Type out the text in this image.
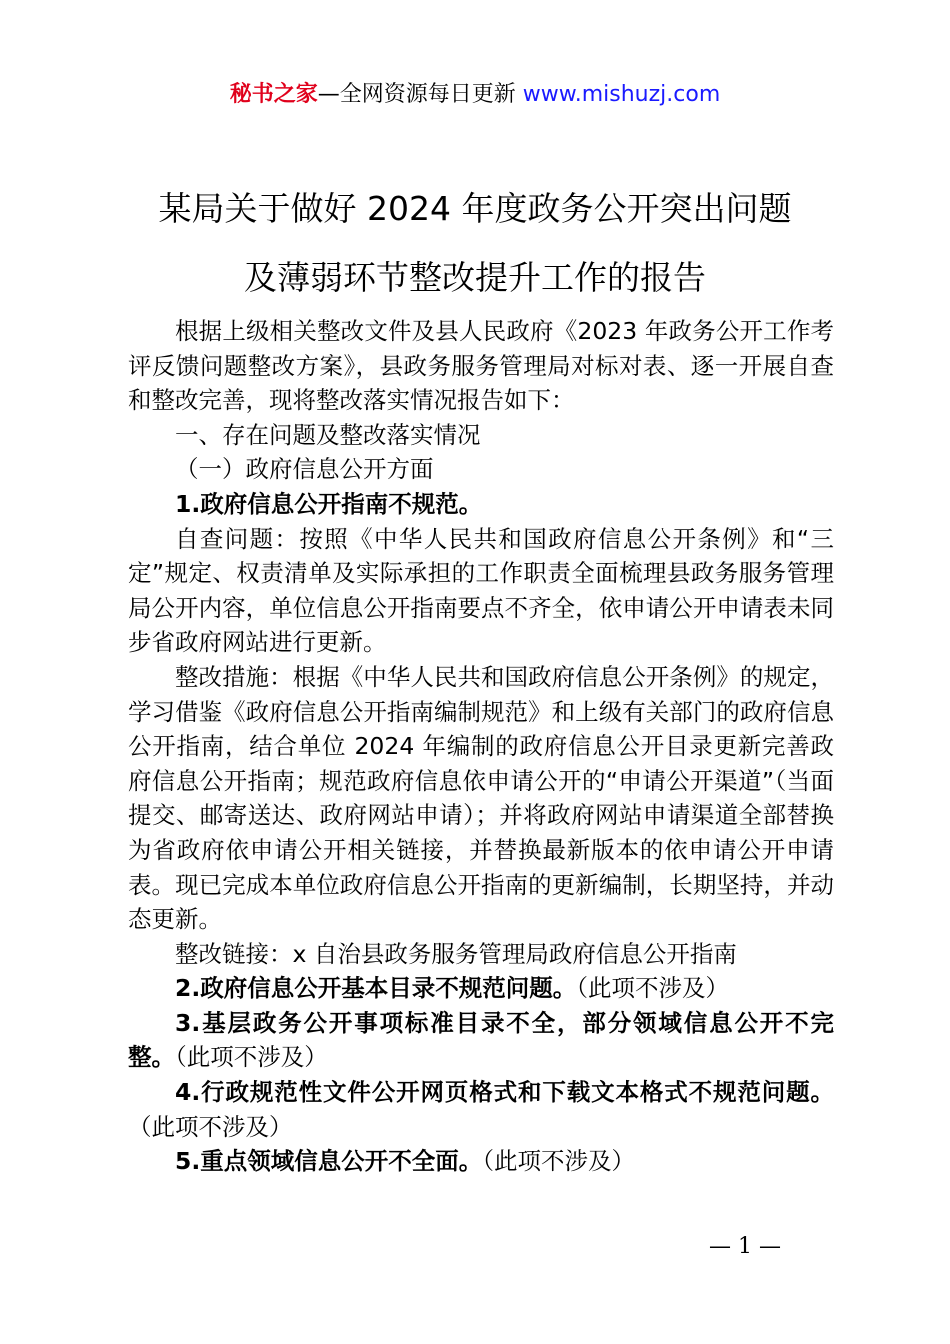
秘书之家—全网资源每日更新 www.mishuzj.com
某局关于做好 2024 年度政务公开突出问题
及薄弱环节整改提升工作的报告

根据上级相关整改文件及县人民政府《2023 年政务公开工作考评反馈问题整改方案》，县政务服务管理局对标对表、逐一开展自查和整改完善，现将整改落实情况报告如下：

一、存在问题及整改落实情况

（一）政府信息公开方面

1.政府信息公开指南不规范。

自查问题：按照《中华人民共和国政府信息公开条例》和“三定”规定、权责清单及实际承担的工作职责全面梳理县政务服务管理局公开内容，单位信息公开指南要点不齐全，依申请公开申请表未同步省政府网站进行更新。

整改措施：根据《中华人民共和国政府信息公开条例》的规定，学习借鉴《政府信息公开指南编制规范》和上级有关部门的政府信息公开指南，结合单位 2024 年编制的政府信息公开目录更新完善政府信息公开指南；规范政府信息依申请公开的“申请公开渠道”（当面提交、邮寄送达、政府网站申请）；并将政府网站申请渠道全部替换为省政府依申请公开相关链接，并替换最新版本的依申请公开申请表。现已完成本单位政府信息公开指南的更新编制，长期坚持，并动态更新。

整改链接：x 自治县政务服务管理局政府信息公开指南

2.政府信息公开基本目录不规范问题。（此项不涉及）

3.基层政务公开事项标准目录不全，部分领域信息公开不完整。（此项不涉及）

4.行政规范性文件公开网页格式和下载文本格式不规范问题。（此项不涉及）

5.重点领域信息公开不全面。（此项不涉及）

— 1 —
